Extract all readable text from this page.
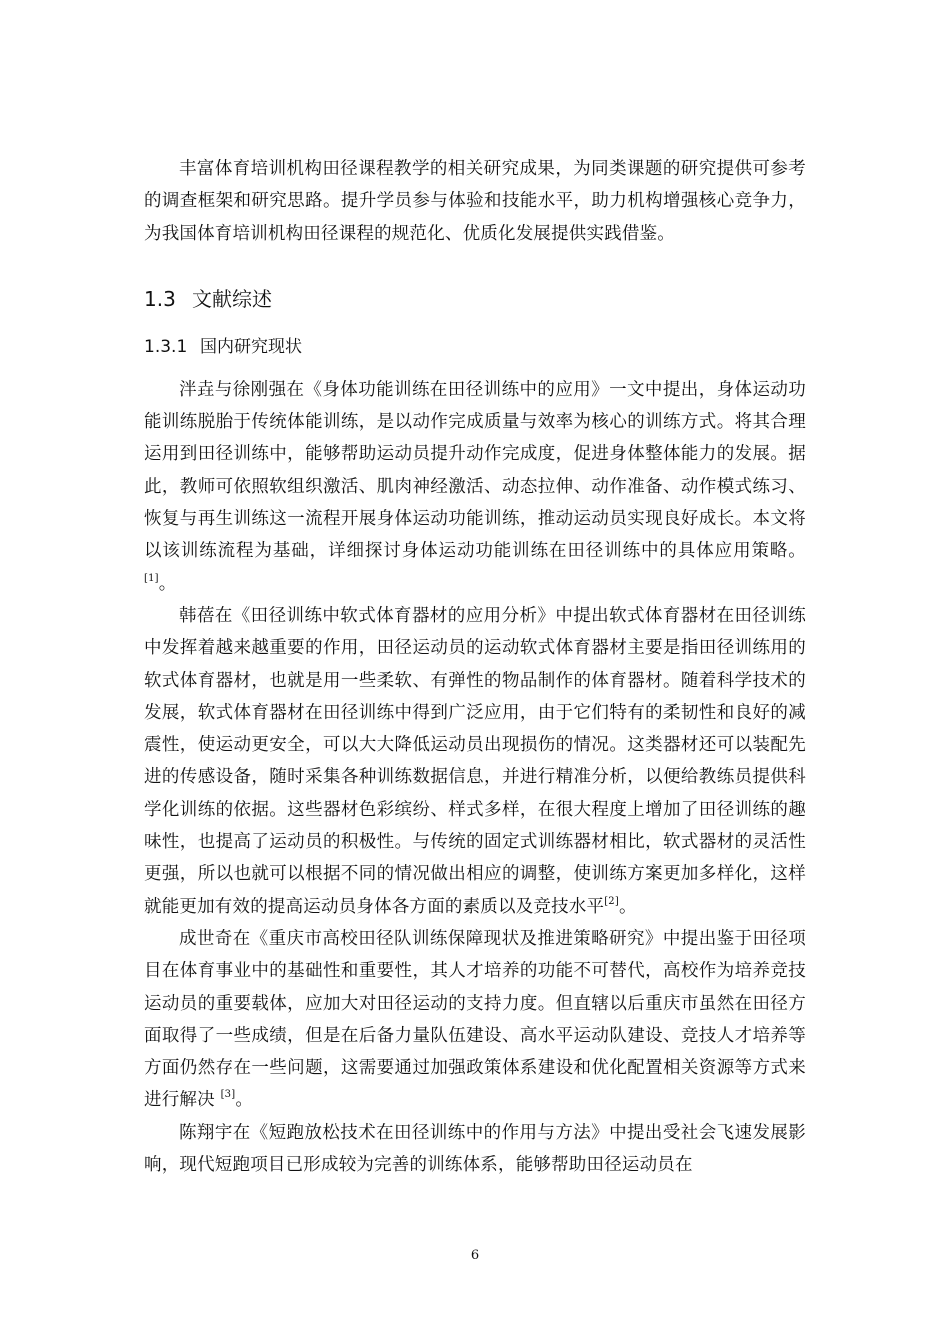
丰富体育培训机构田径课程教学的相关研究成果，为同类课题的研究提供可参考的调查框架和研究思路。提升学员参与体验和技能水平，助力机构增强核心竞争力，为我国体育培训机构田径课程的规范化、优质化发展提供实践借鉴。

1.3 文献综述
1.3.1 国内研究现状

泮垚与徐刚强在《身体功能训练在田径训练中的应用》一文中提出，身体运动功能训练脱胎于传统体能训练，是以动作完成质量与效率为核心的训练方式。将其合理运用到田径训练中，能够帮助运动员提升动作完成度，促进身体整体能力的发展。据此，教师可依照软组织激活、肌肉神经激活、动态拉伸、动作准备、动作模式练习、恢复与再生训练这一流程开展身体运动功能训练，推动运动员实现良好成长。本文将以该训练流程为基础，详细探讨身体运动功能训练在田径训练中的具体应用策略。[1]。

韩蓓在《田径训练中软式体育器材的应用分析》中提出软式体育器材在田径训练中发挥着越来越重要的作用，田径运动员的运动软式体育器材主要是指田径训练用的软式体育器材，也就是用一些柔软、有弹性的物品制作的体育器材。随着科学技术的发展，软式体育器材在田径训练中得到广泛应用，由于它们特有的柔韧性和良好的减震性，使运动更安全，可以大大降低运动员出现损伤的情况。这类器材还可以装配先进的传感设备，随时采集各种训练数据信息，并进行精准分析，以便给教练员提供科学化训练的依据。这些器材色彩缤纷、样式多样，在很大程度上增加了田径训练的趣味性，也提高了运动员的积极性。与传统的固定式训练器材相比，软式器材的灵活性更强，所以也就可以根据不同的情况做出相应的调整，使训练方案更加多样化，这样就能更加有效的提高运动员身体各方面的素质以及竞技水平[2]。

成世奇在《重庆市高校田径队训练保障现状及推进策略研究》中提出鉴于田径项目在体育事业中的基础性和重要性，其人才培养的功能不可替代，高校作为培养竞技运动员的重要载体，应加大对田径运动的支持力度。但直辖以后重庆市虽然在田径方面取得了一些成绩，但是在后备力量队伍建设、高水平运动队建设、竞技人才培养等方面仍然存在一些问题，这需要通过加强政策体系建设和优化配置相关资源等方式来进行解决 [3]。

陈翔宇在《短跑放松技术在田径训练中的作用与方法》中提出受社会飞速发展影响，现代短跑项目已形成较为完善的训练体系，能够帮助田径运动员在

6
